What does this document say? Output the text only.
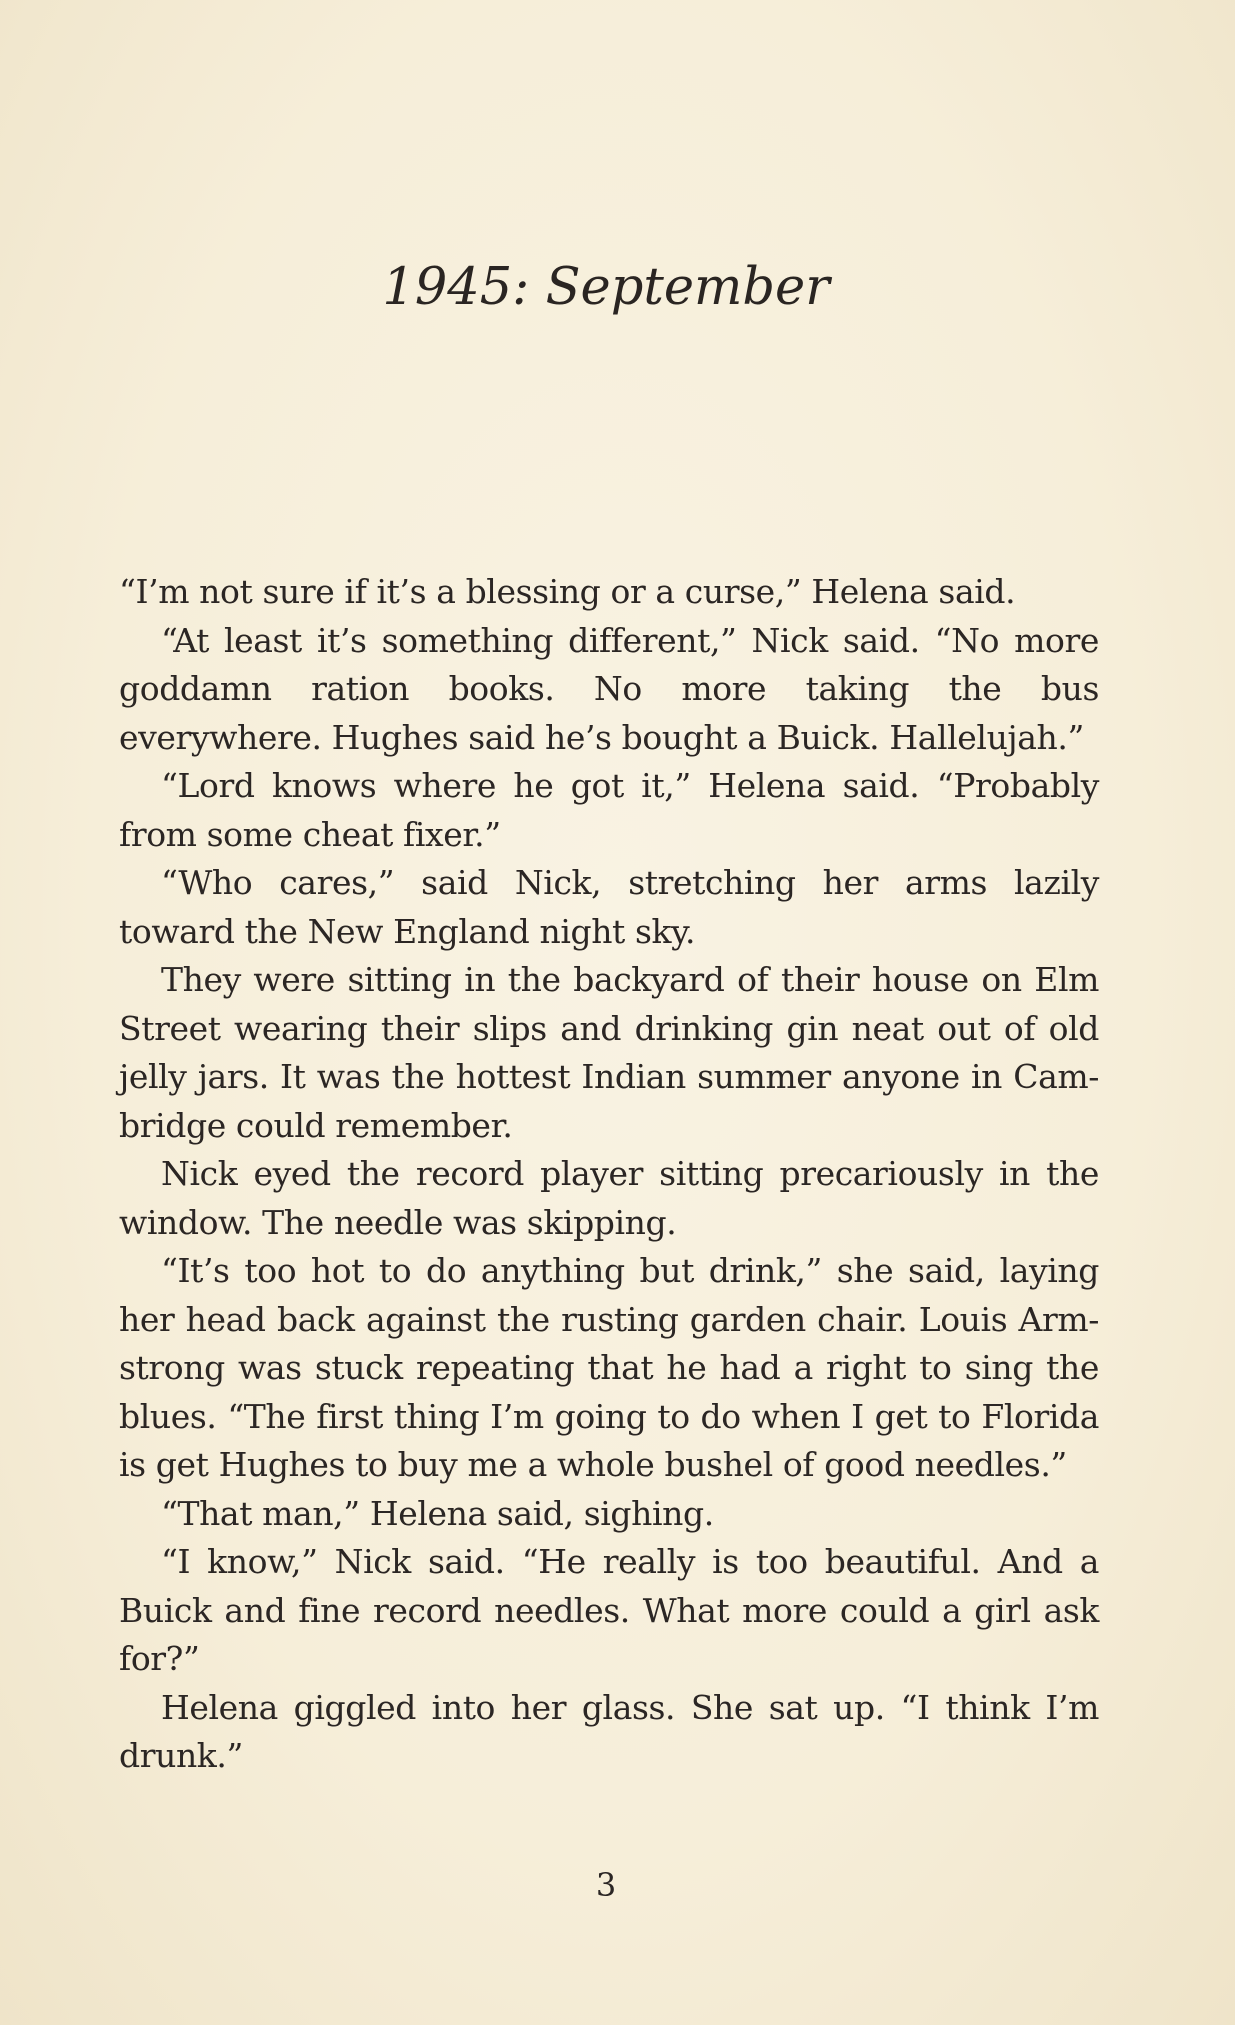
1945: September

“I’m not sure if it’s a blessing or a curse,” Helena said.

“At least it’s something different,” Nick said. “No more goddamn ration books. No more taking the bus everywhere. Hughes said he’s bought a Buick. Hallelujah.”

“Lord knows where he got it,” Helena said. “Probably from some cheat fixer.”

“Who cares,” said Nick, stretching her arms lazily toward the New England night sky.

They were sitting in the backyard of their house on Elm Street wearing their slips and drinking gin neat out of old jelly jars. It was the hottest Indian summer anyone in Cam-bridge could remember.

Nick eyed the record player sitting precariously in the window. The needle was skipping.

“It’s too hot to do anything but drink,” she said, laying her head back against the rusting garden chair. Louis Arm-strong was stuck repeating that he had a right to sing the blues. “The first thing I’m going to do when I get to Florida is get Hughes to buy me a whole bushel of good needles.”

“That man,” Helena said, sighing.

“I know,” Nick said. “He really is too beautiful. And a Buick and fine record needles. What more could a girl ask for?”

Helena giggled into her glass. She sat up. “I think I’m drunk.”

3
